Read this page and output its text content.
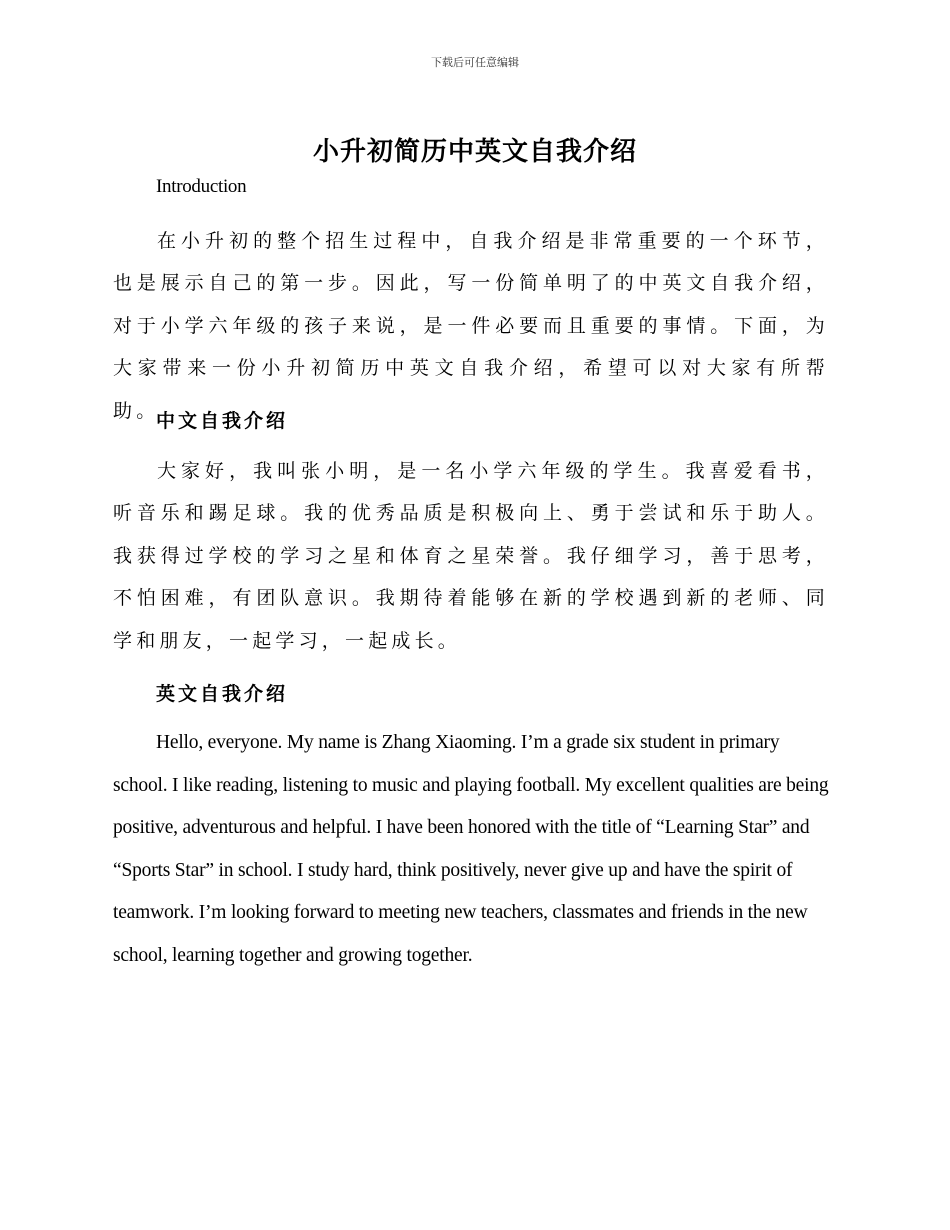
下载后可任意编辑
小升初简历中英文自我介绍
Introduction
在小升初的整个招生过程中，自我介绍是非常重要的一个环节，也是展示自己的第一步。因此，写一份简单明了的中英文自我介绍，对于小学六年级的孩子来说，是一件必要而且重要的事情。下面，为大家带来一份小升初简历中英文自我介绍，希望可以对大家有所帮助。
中文自我介绍
大家好，我叫张小明，是一名小学六年级的学生。我喜爱看书，听音乐和踢足球。我的优秀品质是积极向上、勇于尝试和乐于助人。我获得过学校的学习之星和体育之星荣誉。我仔细学习，善于思考，不怕困难，有团队意识。我期待着能够在新的学校遇到新的老师、同学和朋友，一起学习，一起成长。
英文自我介绍
Hello, everyone. My name is Zhang Xiaoming. I’m a grade six student in primary school. I like reading, listening to music and playing football. My excellent qualities are being positive, adventurous and helpful. I have been honored with the title of “Learning Star” and “Sports Star” in school. I study hard, think positively, never give up and have the spirit of teamwork. I’m looking forward to meeting new teachers, classmates and friends in the new school, learning together and growing together.
